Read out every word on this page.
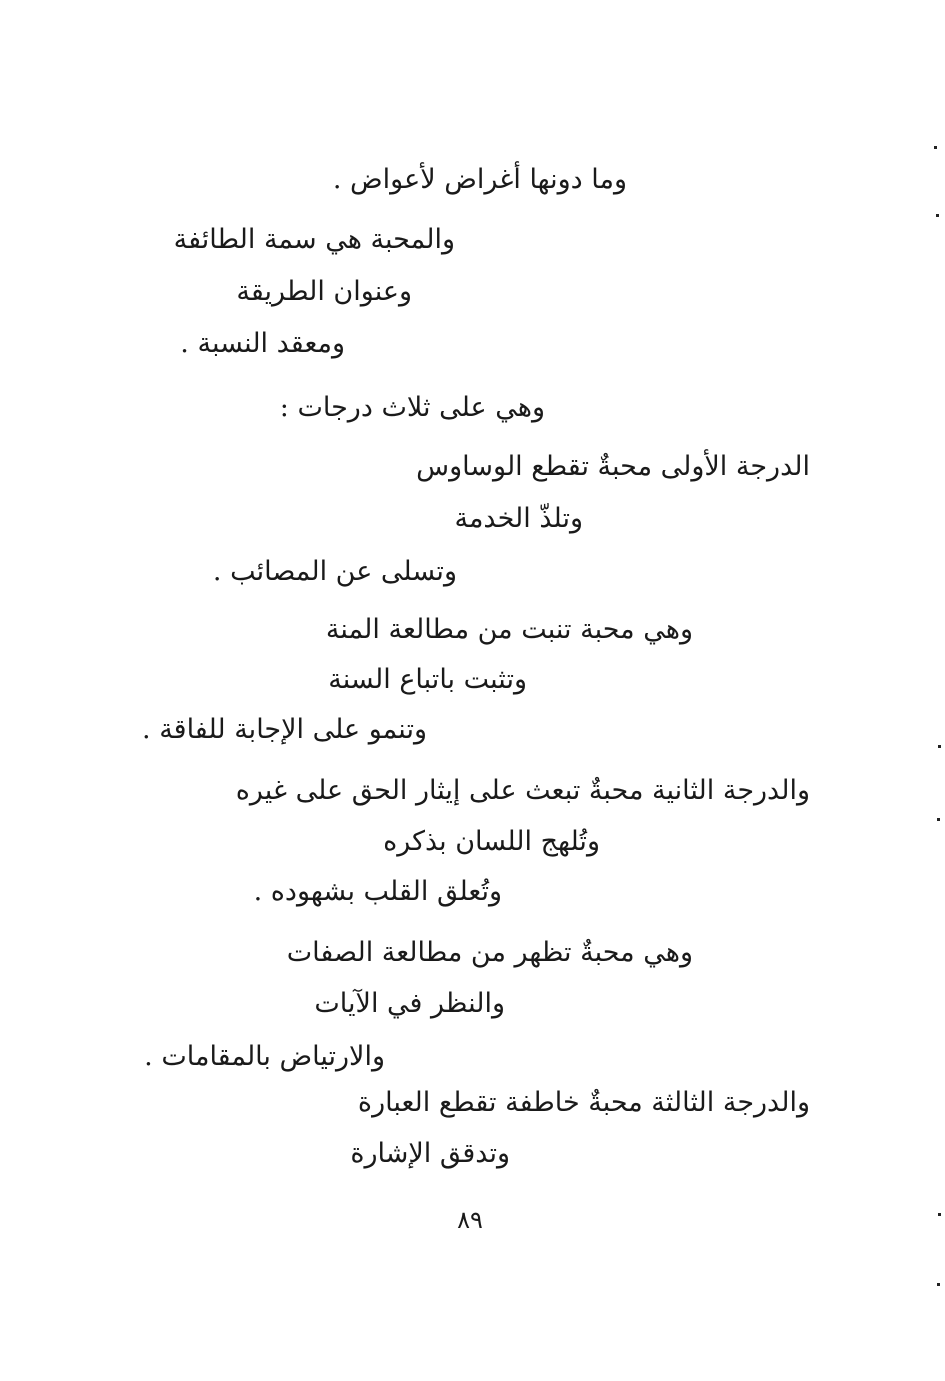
وما دونها أغراض لأعواض .
والمحبة هي سمة الطائفة
وعنوان الطريقة
ومعقد النسبة .
وهي على ثلاث درجات :
الدرجة الأولى محبةٌ تقطع الوساوس
وتلذّ الخدمة
وتسلى عن المصائب .
وهي محبة تنبت من مطالعة المنة
وتثبت باتباع السنة
وتنمو على الإجابة للفاقة .
والدرجة الثانية محبةٌ تبعث على إيثار الحق على غيره
وتُلهج اللسان بذكره
وتُعلق القلب بشهوده .
وهي محبةٌ تظهر من مطالعة الصفات
والنظر في الآيات
والارتياض بالمقامات .
والدرجة الثالثة محبةٌ خاطفة تقطع العبارة
وتدقق الإشارة
٨٩
